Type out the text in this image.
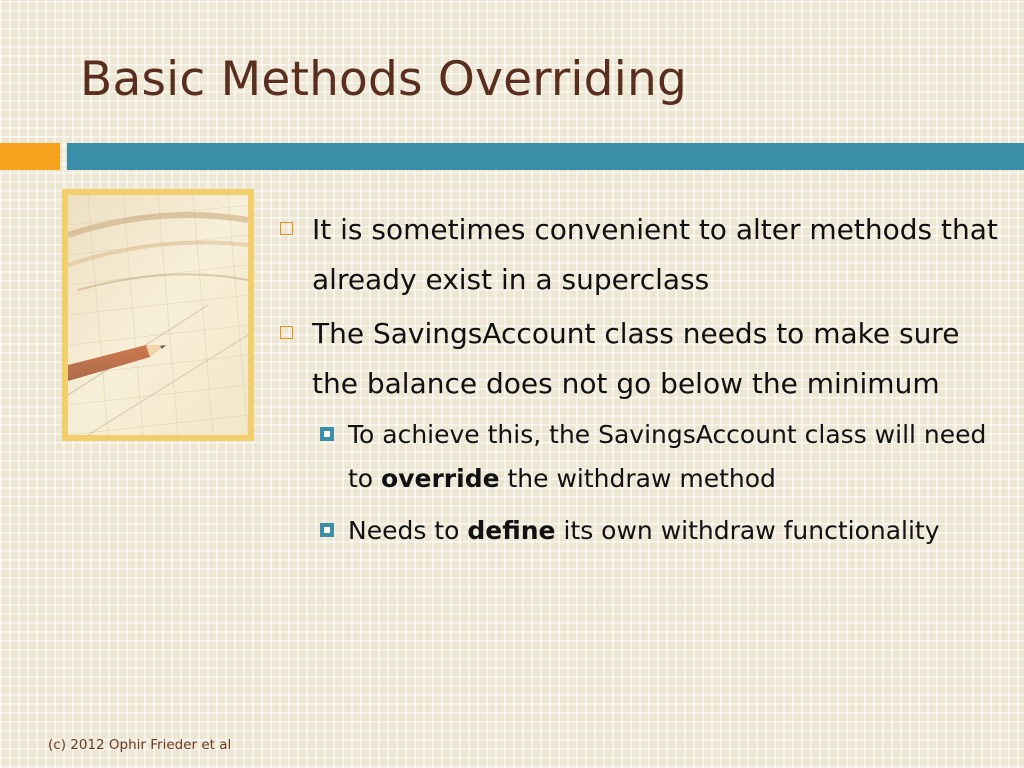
Basic Methods Overriding
It is sometimes convenient to alter methods that already exist in a superclass
The SavingsAccount class needs to make sure the balance does not go below the minimum
To achieve this, the SavingsAccount class will need to override the withdraw method
Needs to define its own withdraw functionality
(c) 2012 Ophir Frieder et al
